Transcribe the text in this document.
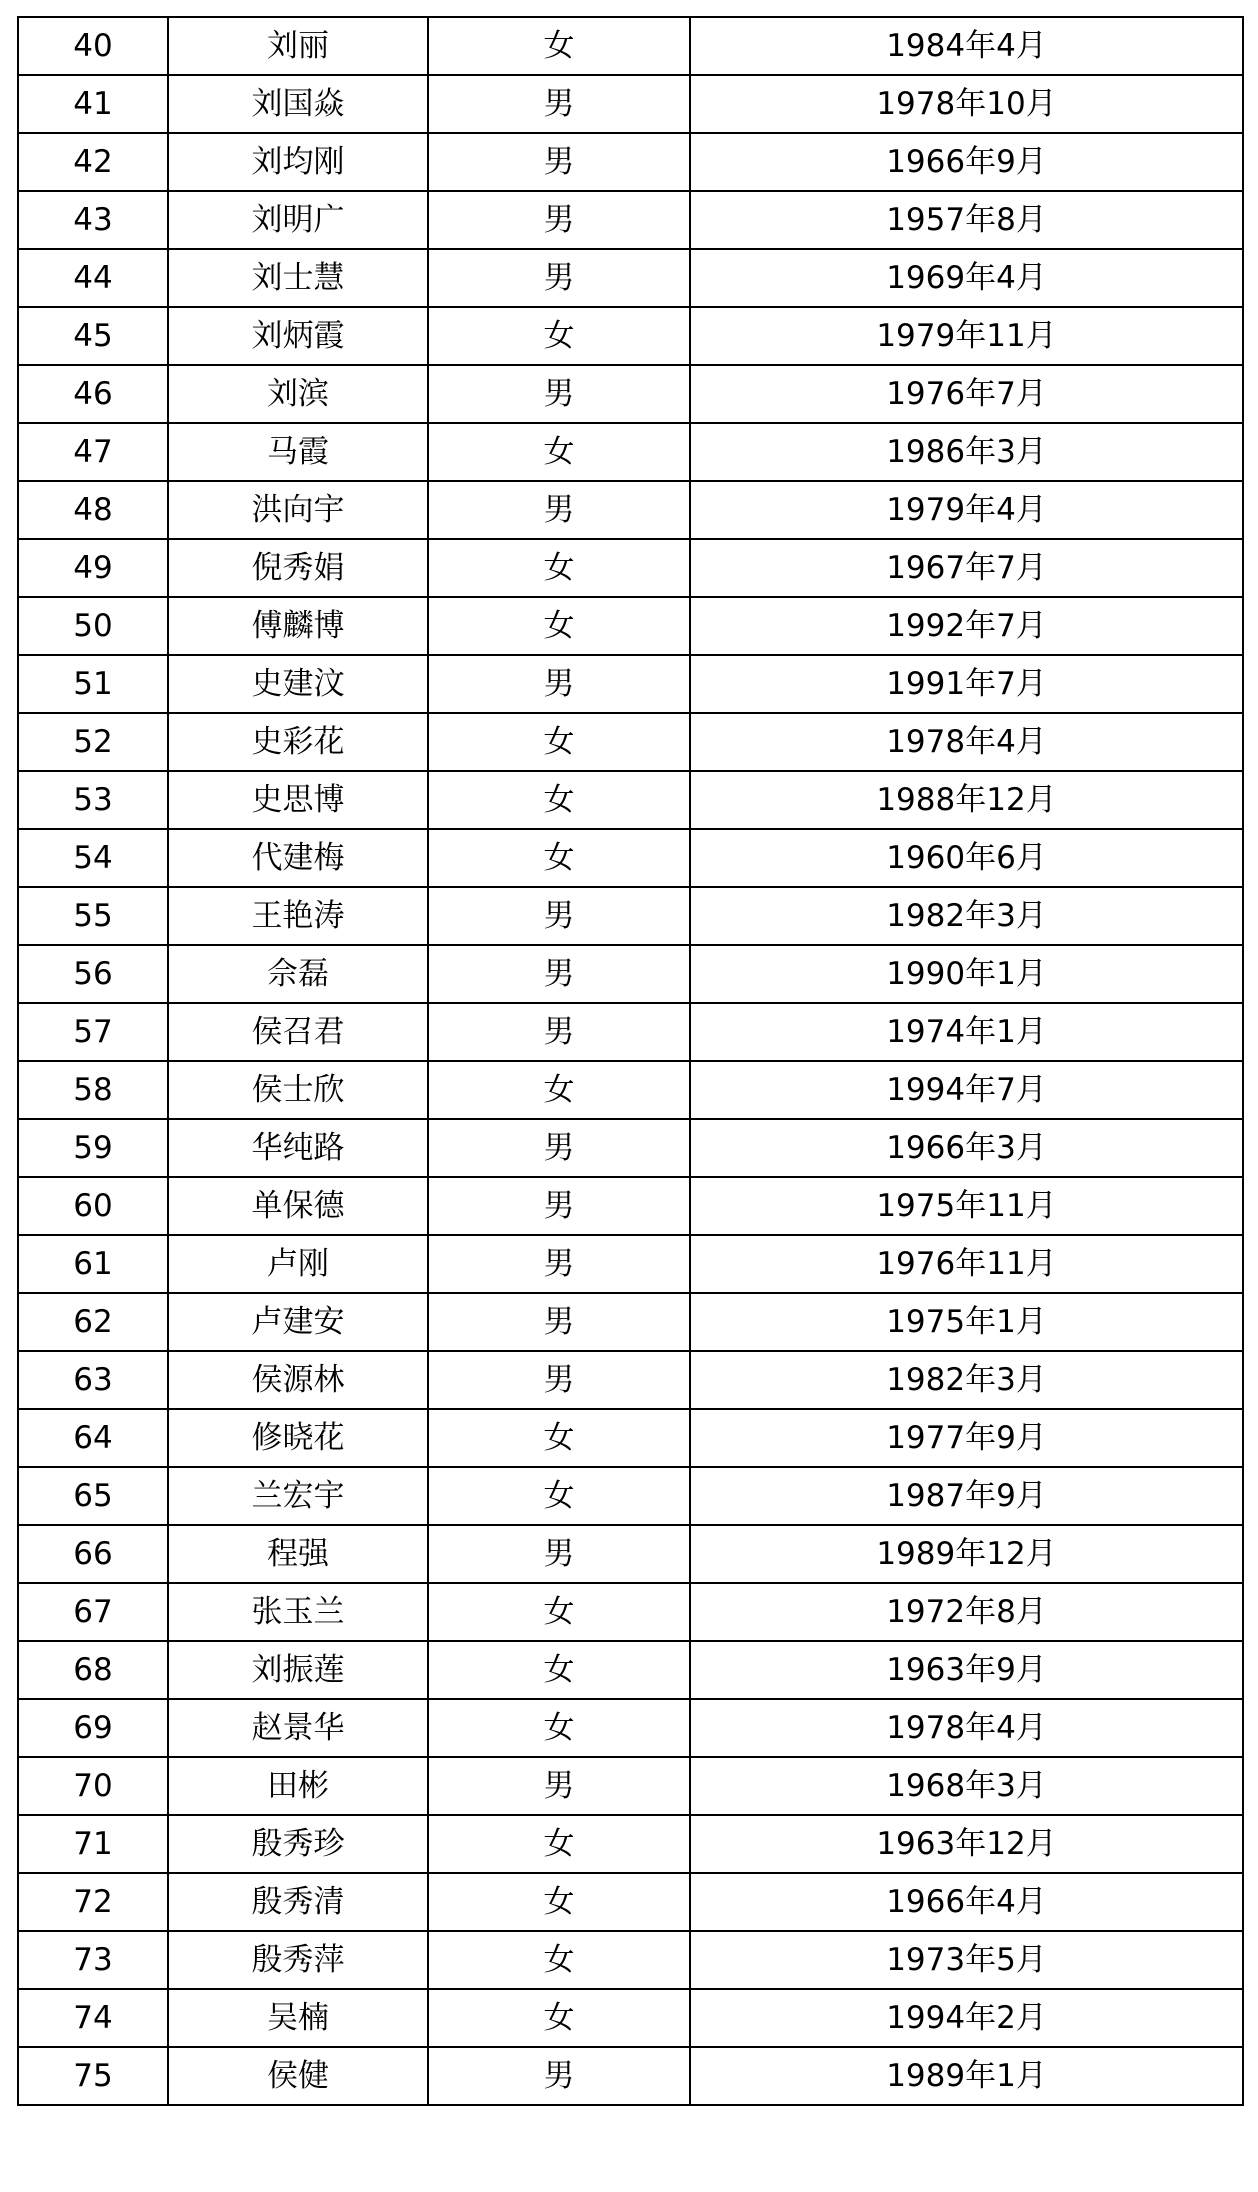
40	刘丽	女	1984年4月
41	刘国焱	男	1978年10月
42	刘均刚	男	1966年9月
43	刘明广	男	1957年8月
44	刘士慧	男	1969年4月
45	刘炳霞	女	1979年11月
46	刘滨	男	1976年7月
47	马霞	女	1986年3月
48	洪向宇	男	1979年4月
49	倪秀娟	女	1967年7月
50	傅麟博	女	1992年7月
51	史建汶	男	1991年7月
52	史彩花	女	1978年4月
53	史思博	女	1988年12月
54	代建梅	女	1960年6月
55	王艳涛	男	1982年3月
56	佘磊	男	1990年1月
57	侯召君	男	1974年1月
58	侯士欣	女	1994年7月
59	华纯路	男	1966年3月
60	单保德	男	1975年11月
61	卢刚	男	1976年11月
62	卢建安	男	1975年1月
63	侯源林	男	1982年3月
64	修晓花	女	1977年9月
65	兰宏宇	女	1987年9月
66	程强	男	1989年12月
67	张玉兰	女	1972年8月
68	刘振莲	女	1963年9月
69	赵景华	女	1978年4月
70	田彬	男	1968年3月
71	殷秀珍	女	1963年12月
72	殷秀清	女	1966年4月
73	殷秀萍	女	1973年5月
74	吴楠	女	1994年2月
75	侯健	男	1989年1月
